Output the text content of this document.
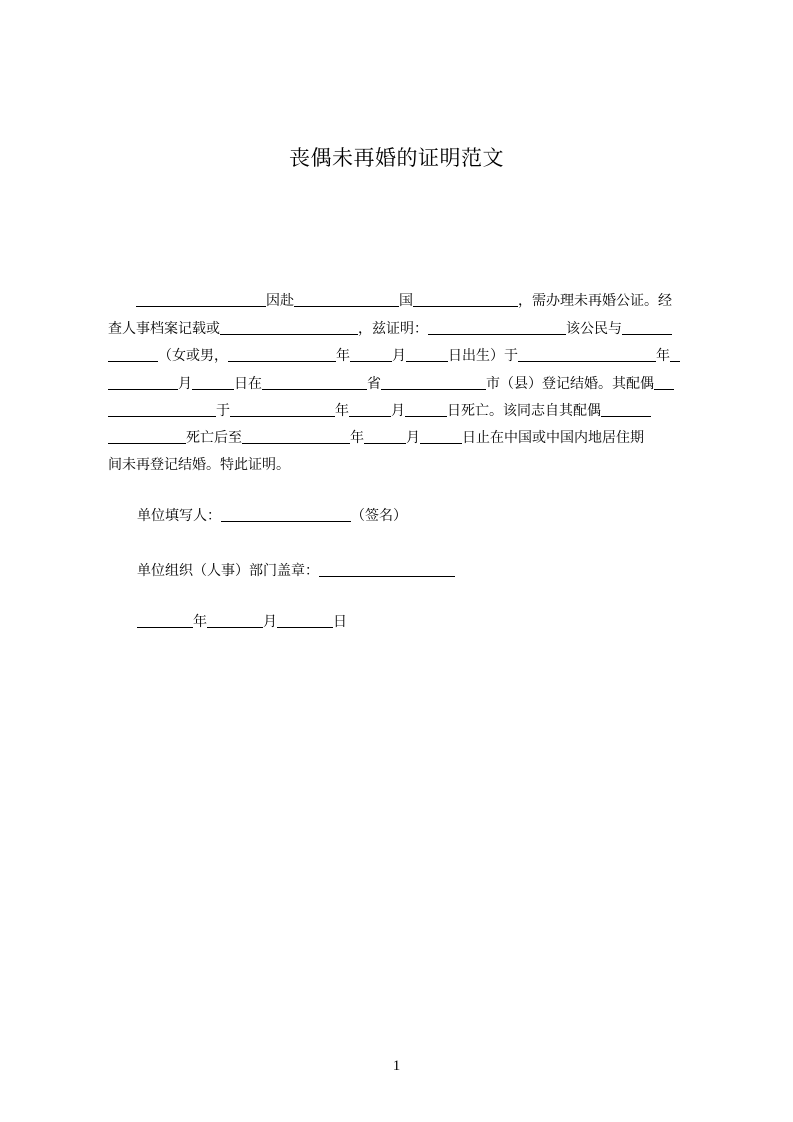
丧偶未再婚的证明范文
因赴	国	，需办理未再婚公证。经
查人事档案记载或	，兹证明：	该公民与
（女或男，	年	月	日出生）于	年
月	日在	省	市（县）登记结婚。其配偶
于	年	月	日死亡。该同志自其配偶
死亡后至	年	月	日止在中国或中国内地居住期
间未再登记结婚。特此证明。
单位填写人：	（签名）
单位组织（人事）部门盖章：
年	月	日
1
